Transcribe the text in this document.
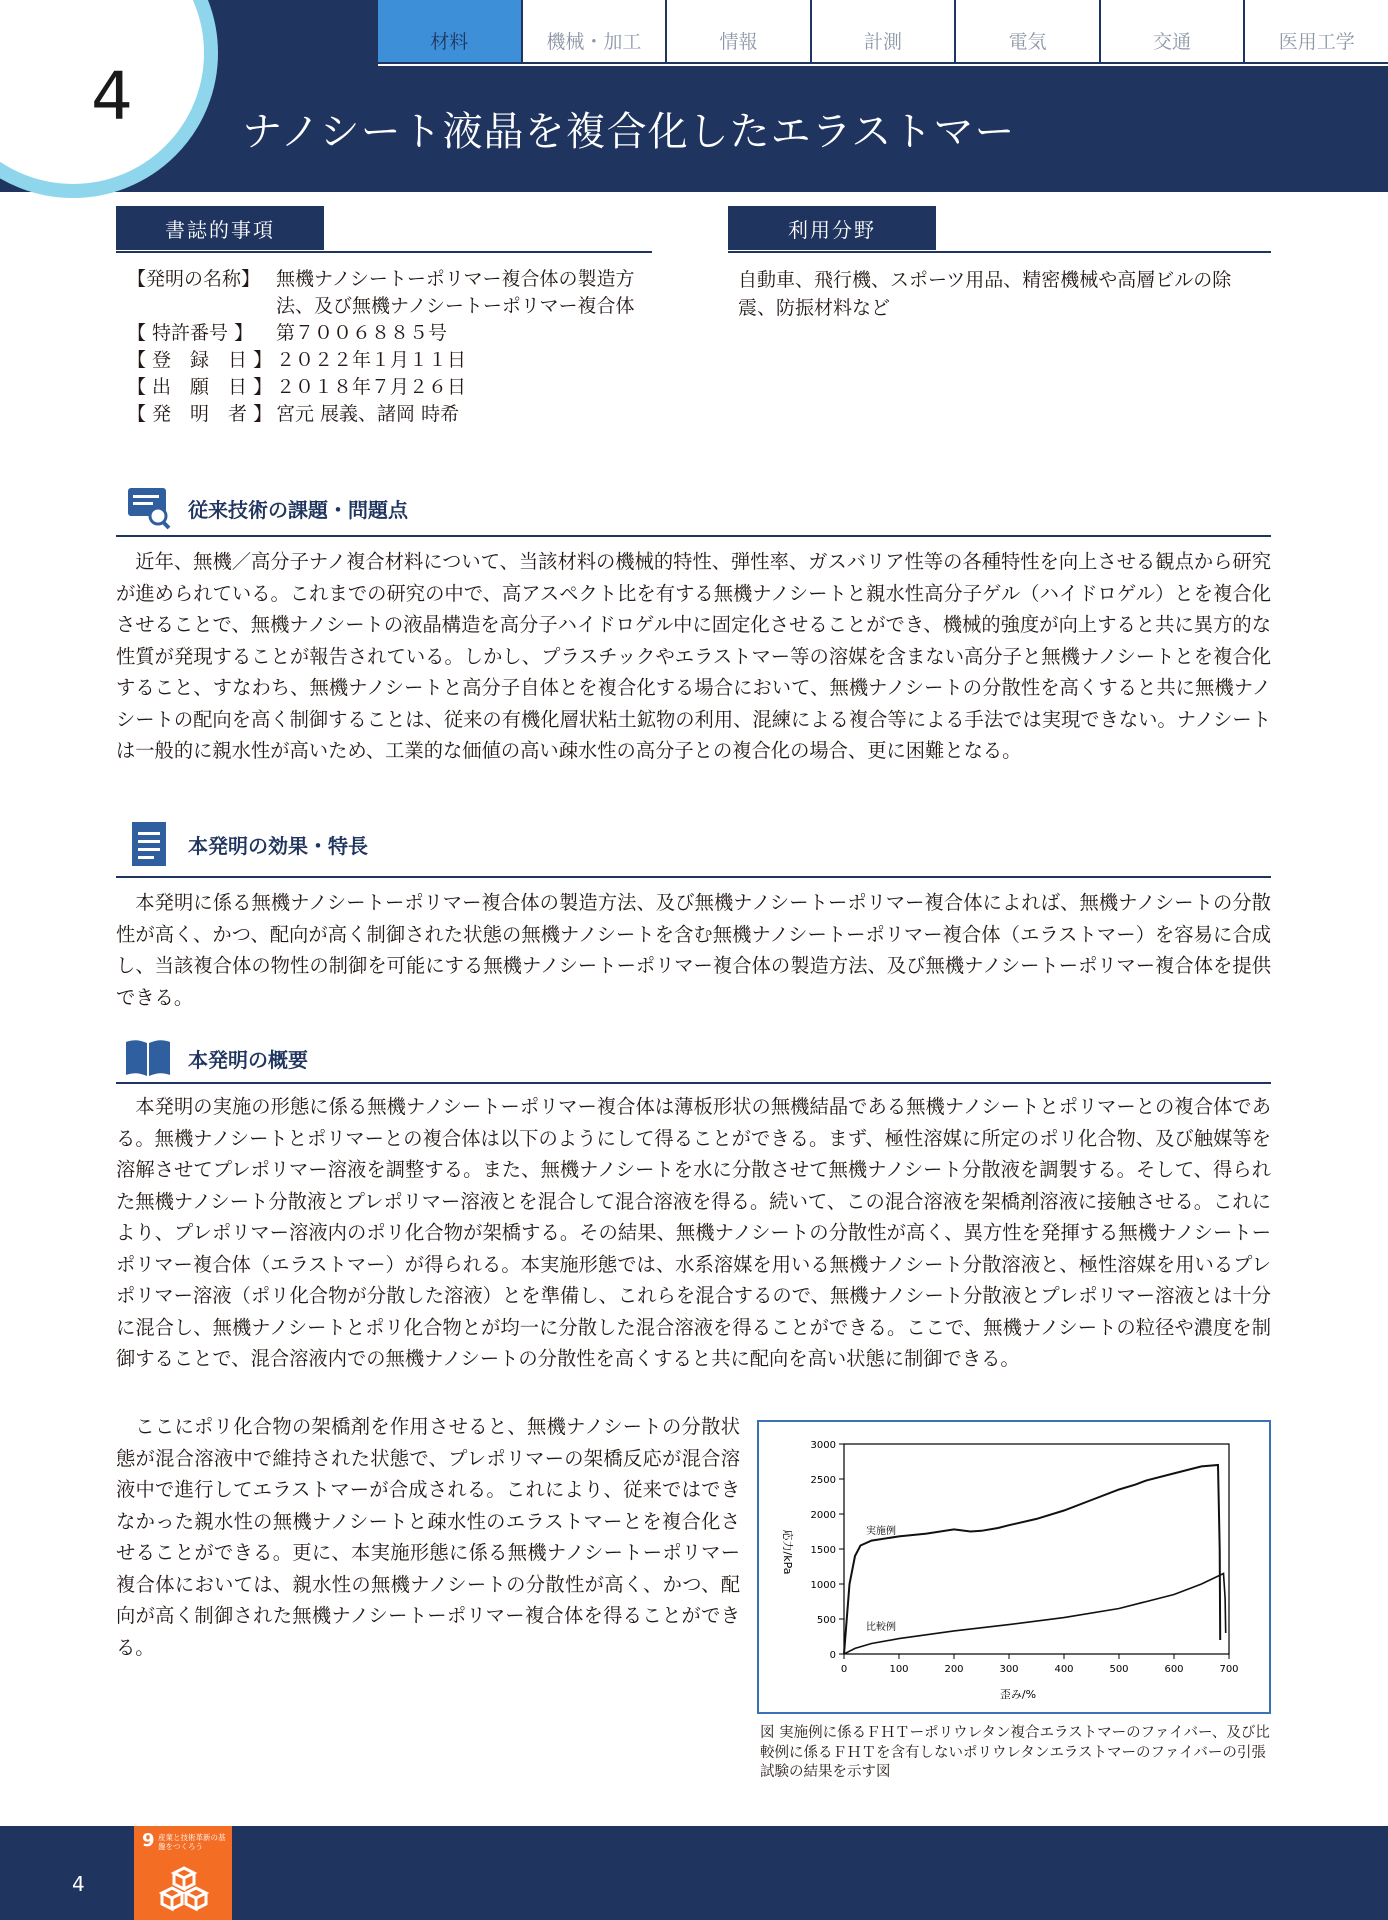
材料	機械・加工	情報	計測	電気	交通	医用工学
4	ナノシート液晶を複合化したエラストマー
書誌的事項
【発明の名称】 無機ナノシートーポリマー複合体の製造方法、及び無機ナノシートーポリマー複合体
【 特許番号 】	第７００６８８５号
【 登　録　日 】 ２０２２年１月１１日
【 出　願　日 】 ２０１８年７月２６日
【 発　明　者 】 宮元 展義、諸岡 時希
利用分野
自動車、飛行機、スポーツ用品、精密機械や高層ビルの除震、防振材料など
従来技術の課題・問題点
近年、無機／高分子ナノ複合材料について、当該材料の機械的特性、弾性率、ガスバリア性等の各種特性を向上させる観点から研究が進められている。これまでの研究の中で、高アスペクト比を有する無機ナノシートと親水性高分子ゲル（ハイドロゲル）とを複合化させることで、無機ナノシートの液晶構造を高分子ハイドロゲル中に固定化させることができ、機械的強度が向上すると共に異方的な性質が発現することが報告されている。しかし、プラスチックやエラストマー等の溶媒を含まない高分子と無機ナノシートとを複合化すること、すなわち、無機ナノシートと高分子自体とを複合化する場合において、無機ナノシートの分散性を高くすると共に無機ナノシートの配向を高く制御することは、従来の有機化層状粘土鉱物の利用、混練による複合等による手法では実現できない。ナノシートは一般的に親水性が高いため、工業的な価値の高い疎水性の高分子との複合化の場合、更に困難となる。
本発明の効果・特長
本発明に係る無機ナノシートーポリマー複合体の製造方法、及び無機ナノシートーポリマー複合体によれば、無機ナノシートの分散性が高く、かつ、配向が高く制御された状態の無機ナノシートを含む無機ナノシートーポリマー複合体（エラストマー）を容易に合成し、当該複合体の物性の制御を可能にする無機ナノシートーポリマー複合体の製造方法、及び無機ナノシートーポリマー複合体を提供できる。
本発明の概要
本発明の実施の形態に係る無機ナノシートーポリマー複合体は薄板形状の無機結晶である無機ナノシートとポリマーとの複合体である。無機ナノシートとポリマーとの複合体は以下のようにして得ることができる。まず、極性溶媒に所定のポリ化合物、及び触媒等を溶解させてプレポリマー溶液を調整する。また、無機ナノシートを水に分散させて無機ナノシート分散液を調製する。そして、得られた無機ナノシート分散液とプレポリマー溶液とを混合して混合溶液を得る。続いて、この混合溶液を架橋剤溶液に接触させる。これにより、プレポリマー溶液内のポリ化合物が架橋する。その結果、無機ナノシートの分散性が高く、異方性を発揮する無機ナノシートーポリマー複合体（エラストマー）が得られる。本実施形態では、水系溶媒を用いる無機ナノシート分散溶液と、極性溶媒を用いるプレポリマー溶液（ポリ化合物が分散した溶液）とを準備し、これらを混合するので、無機ナノシート分散液とプレポリマー溶液とは十分に混合し、無機ナノシートとポリ化合物とが均一に分散した混合溶液を得ることができる。ここで、無機ナノシートの粒径や濃度を制御することで、混合溶液内での無機ナノシートの分散性を高くすると共に配向を高い状態に制御できる。
ここにポリ化合物の架橋剤を作用させると、無機ナノシートの分散状態が混合溶液中で維持された状態で、プレポリマーの架橋反応が混合溶液中で進行してエラストマーが合成される。これにより、従来ではできなかった親水性の無機ナノシートと疎水性のエラストマーとを複合化させることができる。更に、本実施形態に係る無機ナノシートーポリマー複合体においては、親水性の無機ナノシートの分散性が高く、かつ、配向が高く制御された無機ナノシートーポリマー複合体を得ることができる。
0	100	200	300	400	500	600	700
0
500
1000
1500
2000
2500
3000
歪み/%
応力/kPa	実施例
比較例
図 実施例に係るＦＨＴーポリウレタン複合エラストマーのファイバー、及び比較例に係るＦＨＴを含有しないポリウレタンエラストマーのファイバーの引張試験の結果を示す図
4
9 産業と技術革新の基盤をつくろう
